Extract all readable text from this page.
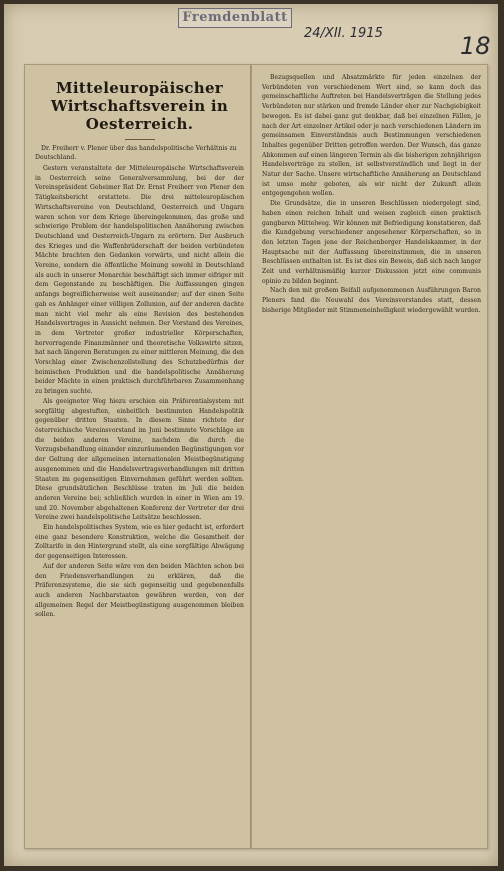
Fremdenblatt
24/XII. 1915	18
Mitteleuropäischer Wirtschaftsverein in
Oesterreich.
Dr. Freiherr v. Plener über das handelspolitische Verhältnis zu Deutschland.

Gestern veranstaltete der Mitteleuropäische Wirtschaftsverein in Oesterreich seine Generalversammlung, bei der der Vereinspräsident Geheimer Rat Dr. Ernst Freiherr von Plener den Tätigkeitsbericht erstattete. Die drei mitteleuropäischen Wirtschaftsvereine von Deutschland, Oesterreich und Ungarn waren schon vor dem Kriege übereingekommen, das große und schwierige Problem der handelspolitischen Annäherung zwischen Deutschland und Oesterreich-Ungarn zu erörtern. Der Ausbruch des Krieges und die Waffenbrüderschaft der beiden verbündeten Mächte brachten den Gedanken vorwärts, und nicht allein die Vereine, sondern die öffentliche Meinung sowohl in Deutschland als auch in unserer Monarchie beschäftigt sich immer eifriger mit dem Gegenstande zu beschäftigen. Die Auffassungen gingen anfangs begreiflicherweise weit auseinander; auf der einen Seite gab es Anhänger einer völligen Zollunion, auf der anderen dachte man nicht viel mehr als eine Revision des bestehenden Handelsvertrages in Aussicht nehmen. Der Vorstand des Vereines, in dem Vertreter großer industrieller Körperschaften, hervorragende Finanzmänner und theoretische Volkswirte sitzen, hat nach längeren Beratungen zu einer mittleren Meinung, die den Vorschlag einer Zwischenzollstellung des Schutzbedürfnis der heimischen Produktion und die handelspolitische Annäherung beider Mächte in einen praktisch durchführbaren Zusammenhang zu bringen suchte.

Als geeigneter Weg hiezu erschien ein Präferentialsystem mit sorgfältig abgestuften, einheitlich bestimmten Handelspolitik gegenüber dritten Staaten. In diesem Sinne richtete der österreichische Vereinsvorstand im Juni bestimmte Vorschläge an die beiden anderen Vereine, nachdem die durch die Vorzugsbehandlung einander einzuräumenden Begünstigungen vor der Geltung der allgemeinen internationalen Meistbegünstigung ausgenommen und die Handelsvertragsverhandlungen mit dritten Staaten im gegenseitigen Einvernehmen geführt werden sollten. Diese grundsätzlichen Beschlüsse traten im Juli die beiden anderen Vereine bei; schließlich wurden in einer in Wien am 19. und 20. November abgehaltenen Konferenz der Vertreter der drei Vereine zwei handelspolitische Leitsätze beschlossen.

Ein handelspolitisches System, wie es hier gedacht ist, erfordert eine ganz besondere Konstruktion, welche die Gesamtheit der Zolltarife in den Hintergrund stellt, als eine sorgfältige Abwägung der gegenseitigen Interessen.

Auf der anderen Seite wäre von den beiden Mächten schon bei den Friedensverhandlungen zu erklären, daß die Präferenzsysteme, die sie sich gegenseitig und gegebenenfalls auch anderen Nachbarstaaten gewähren werden, von der allgemeinen Regel der Meistbegünstigung ausgenommen bleiben sollen.

Bezugsquellen und Absatzmärkte für jeden einzelnen der Verbündeten von verschiedenem Wert sind, so kann doch das gemeinschaftliche Auftreten bei Handelsverträgen die Stellung jedes Verbündeten nur stärken und fremde Länder eher zur Nachgiebigkeit bewegen. Es ist dabei ganz gut denkbar, daß bei einzelnen Fällen, je nach der Art einzelner Artikel oder je nach verschiedenen Ländern im gemeinsamen Einverständnis auch Bestimmungen verschiedenen Inhaltes gegenüber Dritten getroffen werden. Der Wunsch, das ganze Abkommen auf einen längeren Termin als die bisherigen zehnjährigen Handelsverträge zu stellen, ist selbstverständlich und liegt in der Natur der Sache. Unsere wirtschaftliche Annäherung an Deutschland ist umso mehr geboten, als wir nicht der Zukunft allein entgegengehen wollen.

Die Grundsätze, die in unseren Beschlüssen niedergelegt sind, haben einen reichen Inhalt und weisen zugleich einen praktisch gangbaren Mittelweg. Wir können mit Befriedigung konstatieren, daß die Kundgebung verschiedener angesehener Körperschaften, so in den letzten Tagen jene der Reichenberger Handelskammer, in der Hauptsache mit der Auffassung übereinstimmen, die in unseren Beschlüssen enthalten ist. Es ist dies ein Beweis, daß sich nach langer Zeit und verhältnismäßig kurzer Diskussion jetzt eine communis opinio zu bilden beginnt.

Nach den mit großem Beifall aufgenommenen Ausführungen Baron Pleners fand die Neuwahl des Vereinsvorstandes statt, dessen bisherige Mitglieder mit Stimmeneinhelligkeit wiedergewählt wurden.
